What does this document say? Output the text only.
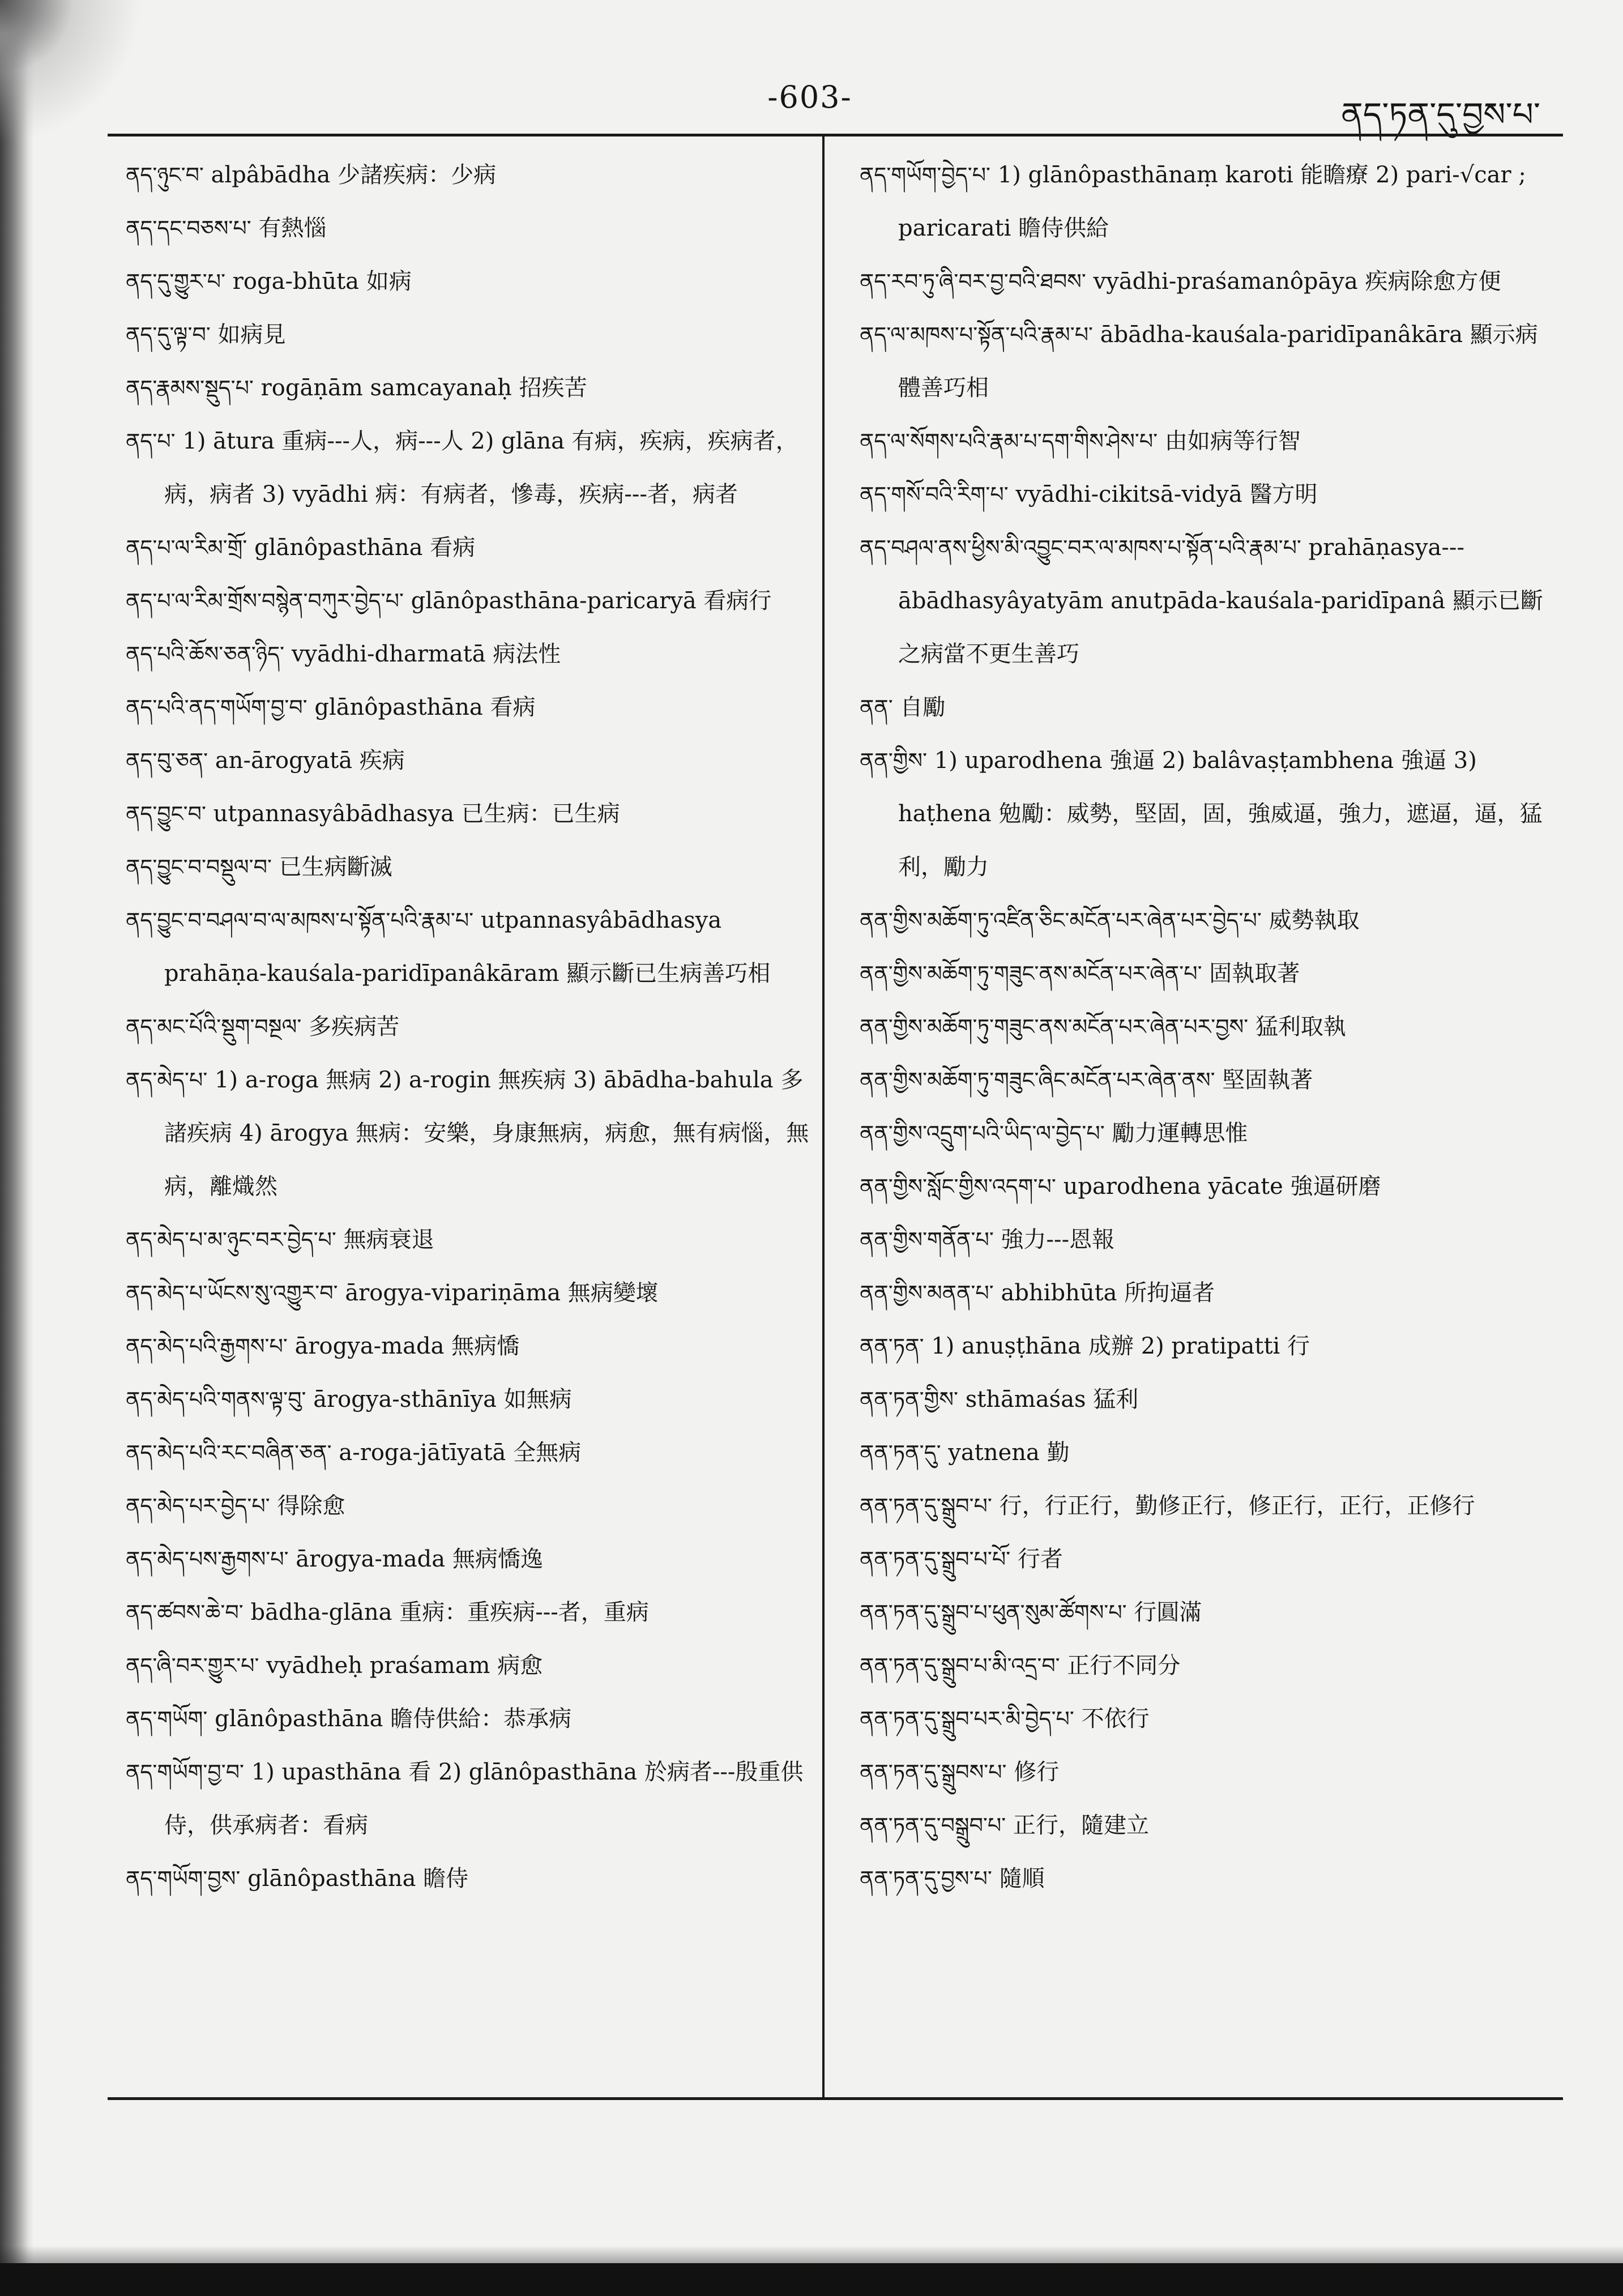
-603-	ནད་ཏན་དུ་བྱས་པ་
ནད་ཉུང་བ་ alpâbādha 少諸疾病：少病
ནད་དང་བཅས་པ་ 有熱惱
ནད་དུ་གྱུར་པ་ roga-bhūta 如病
ནད་དུ་ལྟ་བ་ 如病見
ནད་རྣམས་སྡུད་པ་ rogāṇām samcayanaḥ 招疾苦
ནད་པ་ 1) ātura 重病---人，病---人 2) glāna 有病，疾病，疾病者，病，病者 3) vyādhi 病：有病者，慘毒，疾病---者，病者
ནད་པ་ལ་རིམ་གྲོ་ glānôpasthāna 看病
ནད་པ་ལ་རིམ་གྲོས་བསྙེན་བཀུར་བྱེད་པ་ glānôpasthāna-paricaryā 看病行
ནད་པའི་ཆོས་ཅན་ཉིད་ vyādhi-dharmatā 病法性
ནད་པའི་ནད་གཡོག་བྱ་བ་ glānôpasthāna 看病
ནད་བུ་ཅན་ an-ārogyatā 疾病
ནད་བྱུང་བ་ utpannasyâbādhasya 已生病：已生病
ནད་བྱུང་བ་བསྡུལ་བ་ 已生病斷滅
ནད་བྱུང་བ་བཤལ་བ་ལ་མཁས་པ་སྟོན་པའི་རྣམ་པ་ utpannasyâbādhasya prahāṇa-kauśala-paridīpanâkāram 顯示斷已生病善巧相
ནད་མང་པོའི་སྡུག་བསྔལ་ 多疾病苦
ནད་མེད་པ་ 1) a-roga 無病 2) a-rogin 無疾病 3) ābādha-bahula 多諸疾病 4) ārogya 無病：安樂，身康無病，病愈，無有病惱，無病，離熾然
ནད་མེད་པ་མ་ཉུང་བར་བྱེད་པ་ 無病衰退
ནད་མེད་པ་ཡོངས་སུ་འགྱུར་བ་ ārogya-vipariṇāma 無病變壞
ནད་མེད་པའི་རྒྱགས་པ་ ārogya-mada 無病憍
ནད་མེད་པའི་གནས་ལྟ་བུ་ ārogya-sthānīya 如無病
ནད་མེད་པའི་རང་བཞིན་ཅན་ a-roga-jātīyatā 全無病
ནད་མེད་པར་བྱེད་པ་ 得除愈
ནད་མེད་པས་རྒྱགས་པ་ ārogya-mada 無病憍逸
ནད་ཚབས་ཆེ་བ་ bādha-glāna 重病：重疾病---者，重病
ནད་ཞི་བར་གྱུར་པ་ vyādheḥ praśamam 病愈
ནད་གཡོག་ glānôpasthāna 瞻侍供給：恭承病
ནད་གཡོག་བྱ་བ་ 1) upasthāna 看 2) glānôpasthāna 於病者---殷重供侍，供承病者：看病
ནད་གཡོག་བྱས་ glānôpasthāna 瞻侍
ནད་གཡོག་བྱེད་པ་ 1) glānôpasthānaṃ karoti 能瞻療 2) pari-√car ; paricarati 瞻侍供給
ནད་རབ་ཏུ་ཞི་བར་བྱ་བའི་ཐབས་ vyādhi-praśamanôpāya 疾病除愈方便
ནད་ལ་མཁས་པ་སྟོན་པའི་རྣམ་པ་ ābādha-kauśala-paridīpanâkāra 顯示病體善巧相
ནད་ལ་སོགས་པའི་རྣམ་པ་དག་གིས་ཤེས་པ་ 由如病等行智
ནད་གསོ་བའི་རིག་པ་ vyādhi-cikitsā-vidyā 醫方明
ནད་བཤལ་ནས་ཕྱིས་མི་འབྱུང་བར་ལ་མཁས་པ་སྟོན་པའི་རྣམ་པ་ prahāṇasya---ābādhasyâyatyām anutpāda-kauśala-paridīpanâ 顯示已斷之病當不更生善巧
ནན་ 自勵
ནན་གྱིས་ 1) uparodhena 強逼 2) balâvaṣṭambhena 強逼 3) haṭhena 勉勵：威勢，堅固，固，強威逼，強力，遮逼，逼，猛利，勵力
ནན་གྱིས་མཆོག་ཏུ་འཛིན་ཅིང་མངོན་པར་ཞེན་པར་བྱེད་པ་ 威勢執取
ནན་གྱིས་མཆོག་ཏུ་གཟུང་ནས་མངོན་པར་ཞེན་པ་ 固執取著
ནན་གྱིས་མཆོག་ཏུ་གཟུང་ནས་མངོན་པར་ཞེན་པར་བྱས་ 猛利取執
ནན་གྱིས་མཆོག་ཏུ་གཟུང་ཞིང་མངོན་པར་ཞེན་ནས་ 堅固執著
ནན་གྱིས་འདྲུག་པའི་ཡིད་ལ་བྱེད་པ་ 勵力運轉思惟
ནན་གྱིས་སློང་གྱིས་འདག་པ་ uparodhena yācate 強逼研磨
ནན་གྱིས་གནོན་པ་ 強力---恩報
ནན་གྱིས་མནན་པ་ abhibhūta 所拘逼者
ནན་ཏན་ 1) anuṣṭhāna 成辦 2) pratipatti 行
ནན་ཏན་གྱིས་ sthāmaśas 猛利
ནན་ཏན་དུ་ yatnena 勤
ནན་ཏན་དུ་སྒྲུབ་པ་ 行，行正行，勤修正行，修正行，正行，正修行
ནན་ཏན་དུ་སྒྲུབ་པ་པོ་ 行者
ནན་ཏན་དུ་སྒྲུབ་པ་ཕུན་སུམ་ཚོགས་པ་ 行圓滿
ནན་ཏན་དུ་སྒྲུབ་པ་མི་འདྲ་བ་ 正行不同分
ནན་ཏན་དུ་སྒྲུབ་པར་མི་བྱེད་པ་ 不依行
ནན་ཏན་དུ་སྒྲུབས་པ་ 修行
ནན་ཏན་དུ་བསྒྲུབ་པ་ 正行，隨建立
ནན་ཏན་དུ་བྱས་པ་ 隨順
